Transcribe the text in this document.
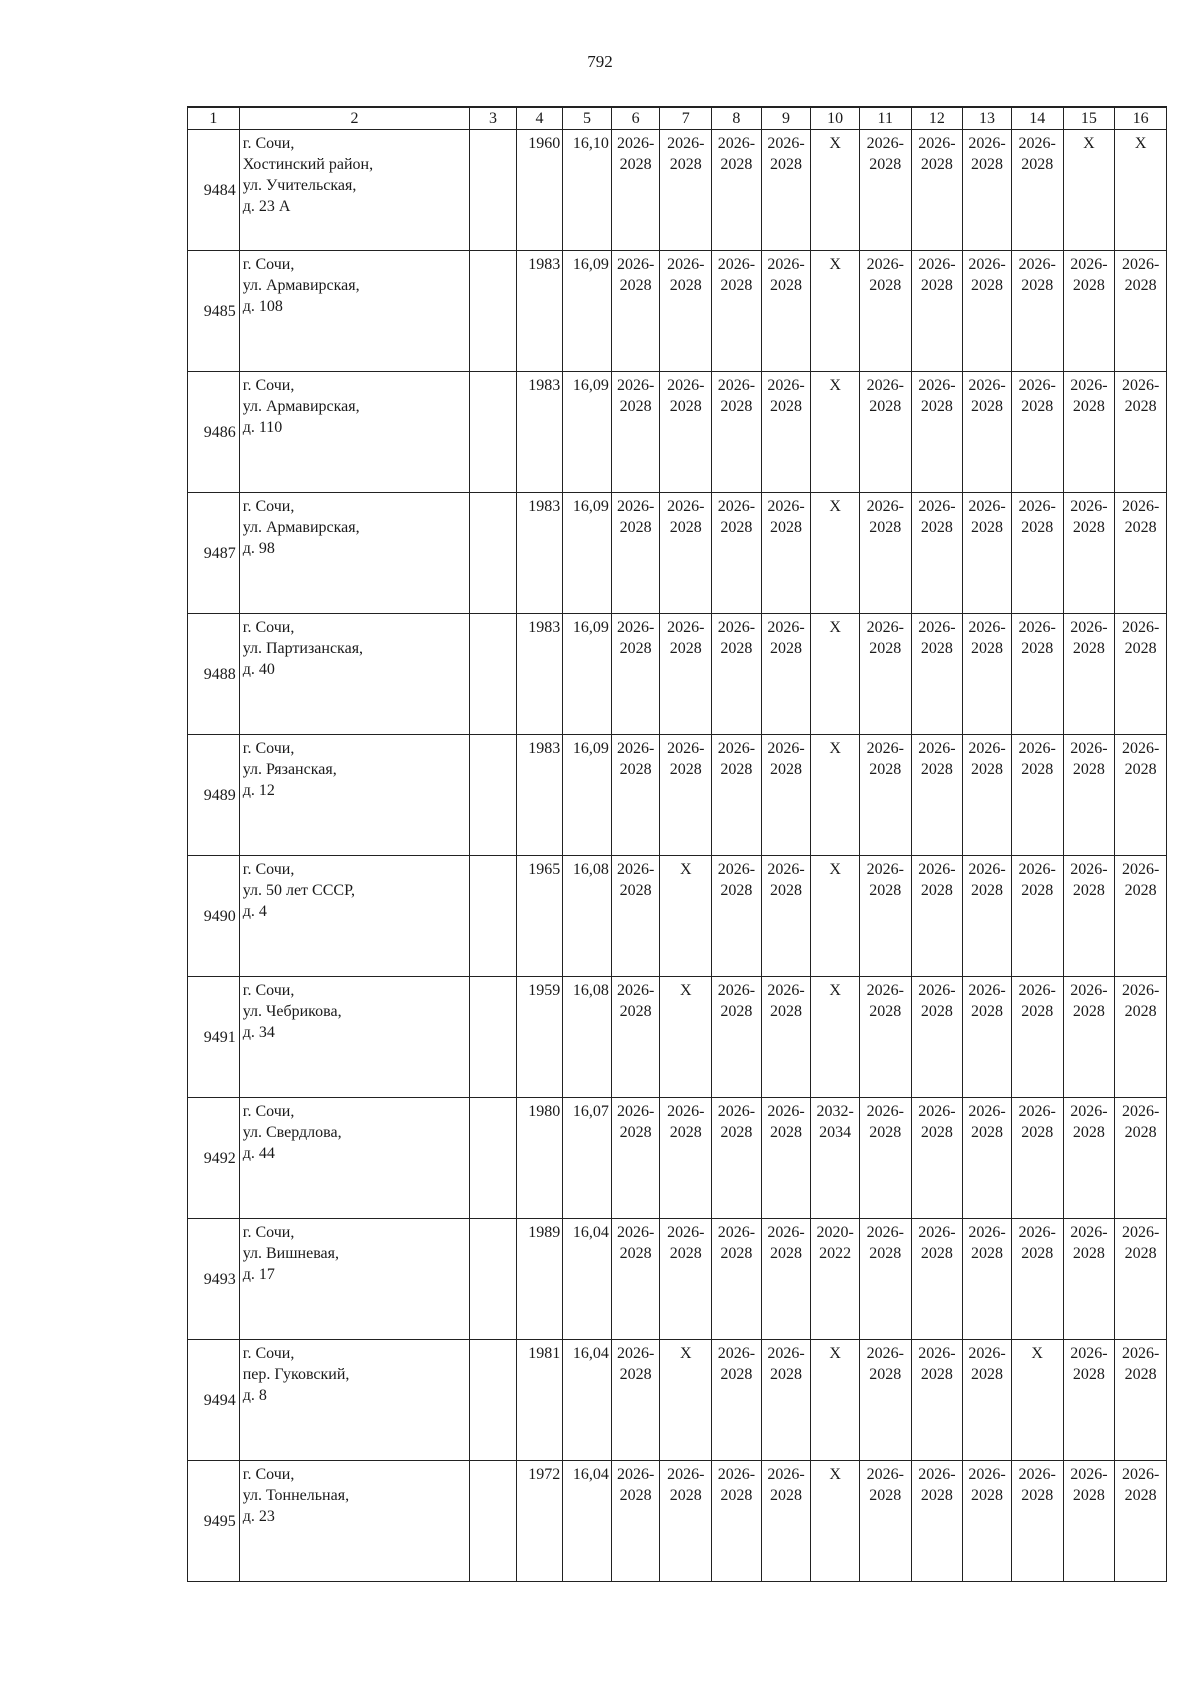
792
1	2	3	4	5	6	7	8	9	10	11	12	13	14	15	16
9484	г. Сочи,
Хостинский район,
ул. Учительская,
д. 23 А		1960	16,10	2026-
2028	2026-
2028	2026-
2028	2026-
2028	X	2026-
2028	2026-
2028	2026-
2028	2026-
2028	X	X
9485	г. Сочи,
ул. Армавирская,
д. 108		1983	16,09	2026-
2028	2026-
2028	2026-
2028	2026-
2028	X	2026-
2028	2026-
2028	2026-
2028	2026-
2028	2026-
2028	2026-
2028

9486	г. Сочи,
ул. Армавирская,
д. 110		1983	16,09	2026-
2028	2026-
2028	2026-
2028	2026-
2028	X	2026-
2028	2026-
2028	2026-
2028	2026-
2028	2026-
2028	2026-
2028

9487	г. Сочи,
ул. Армавирская,
д. 98		1983	16,09	2026-
2028	2026-
2028	2026-
2028	2026-
2028	X	2026-
2028	2026-
2028	2026-
2028	2026-
2028	2026-
2028	2026-
2028

9488	г. Сочи,
ул. Партизанская,
д. 40		1983	16,09	2026-
2028	2026-
2028	2026-
2028	2026-
2028	X	2026-
2028	2026-
2028	2026-
2028	2026-
2028	2026-
2028	2026-
2028

9489	г. Сочи,
ул. Рязанская,
д. 12		1983	16,09	2026-
2028	2026-
2028	2026-
2028	2026-
2028	X	2026-
2028	2026-
2028	2026-
2028	2026-
2028	2026-
2028	2026-
2028

9490	г. Сочи,
ул. 50 лет СССР,
д. 4		1965	16,08	2026-
2028	X	2026-
2028	2026-
2028	X	2026-
2028	2026-
2028	2026-
2028	2026-
2028	2026-
2028	2026-
2028

9491	г. Сочи,
ул. Чебрикова,
д. 34		1959	16,08	2026-
2028	X	2026-
2028	2026-
2028	X	2026-
2028	2026-
2028	2026-
2028	2026-
2028	2026-
2028	2026-
2028

9492	г. Сочи,
ул. Свердлова,
д. 44		1980	16,07	2026-
2028	2026-
2028	2026-
2028	2026-
2028	2032-
2034	2026-
2028	2026-
2028	2026-
2028	2026-
2028	2026-
2028	2026-
2028

9493	г. Сочи,
ул. Вишневая,
д. 17		1989	16,04	2026-
2028	2026-
2028	2026-
2028	2026-
2028	2020-
2022	2026-
2028	2026-
2028	2026-
2028	2026-
2028	2026-
2028	2026-
2028

9494	г. Сочи,
пер. Гуковский,
д. 8		1981	16,04	2026-
2028	X	2026-
2028	2026-
2028	X	2026-
2028	2026-
2028	2026-
2028	X	2026-
2028	2026-
2028

9495	г. Сочи,
ул. Тоннельная,
д. 23		1972	16,04	2026-
2028	2026-
2028	2026-
2028	2026-
2028	X	2026-
2028	2026-
2028	2026-
2028	2026-
2028	2026-
2028	2026-
2028
